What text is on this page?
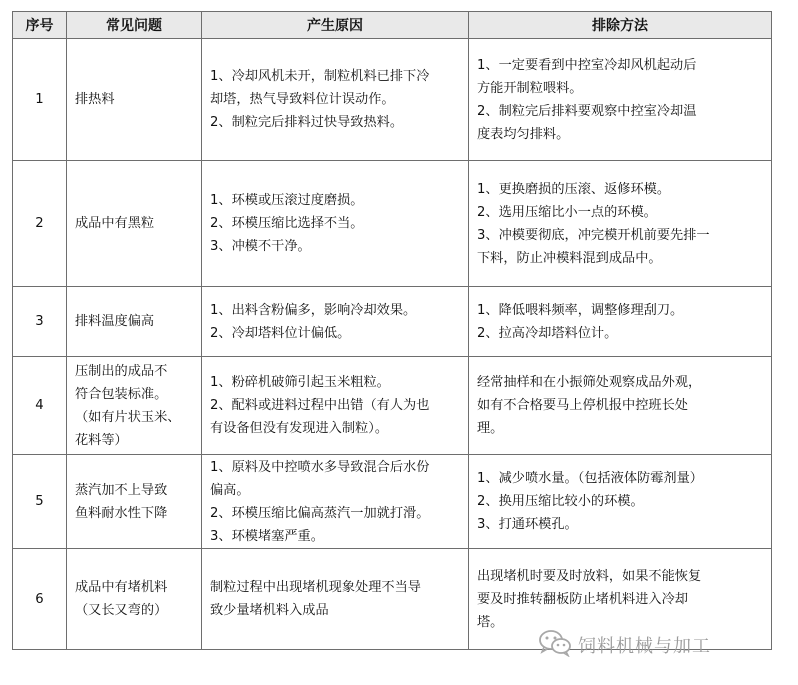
序号	常见问题	产生原因	排除方法
1	排热料	1、冷却风机未开，制粒机料已排下冷
却塔，热气导致料位计误动作。
2、制粒完后排料过快导致热料。	1、一定要看到中控室冷却风机起动后
方能开制粒喂料。
2、制粒完后排料要观察中控室冷却温
度表均匀排料。

2	成品中有黑粒	1、环模或压滚过度磨损。
2、环模压缩比选择不当。
3、冲模不干净。	1、更换磨损的压滚、返修环模。
2、选用压缩比小一点的环模。
3、冲模要彻底，冲完模开机前要先排一
下料，防止冲模料混到成品中。

3	排料温度偏高	1、出料含粉偏多，影响冷却效果。
2、冷却塔料位计偏低。	1、降低喂料频率，调整修理刮刀。
2、拉高冷却塔料位计。

4	压制出的成品不
符合包装标准。
（如有片状玉米、
花料等）	1、粉碎机破筛引起玉米粗粒。
2、配料或进料过程中出错（有人为也
有设备但没有发现进入制粒）。	经常抽样和在小振筛处观察成品外观，
如有不合格要马上停机报中控班长处
理。

5	蒸汽加不上导致
鱼料耐水性下降	1、原料及中控喷水多导致混合后水份
偏高。
2、环模压缩比偏高蒸汽一加就打滑。
3、环模堵塞严重。	1、减少喷水量。（包括液体防霉剂量）
2、换用压缩比较小的环模。
3、打通环模孔。

6	成品中有堵机料
（又长又弯的）	制粒过程中出现堵机现象处理不当导
致少量堵机料入成品	出现堵机时要及时放料，如果不能恢复
要及时推转翻板防止堵机料进入冷却
塔。
饲料机械与加工
